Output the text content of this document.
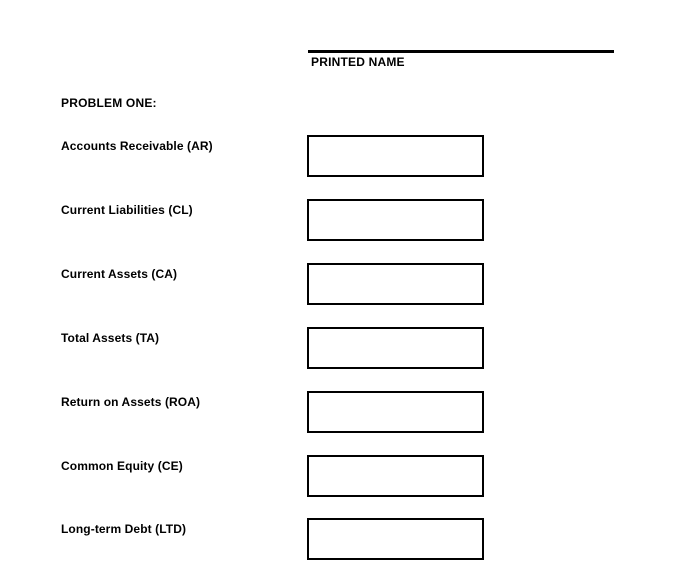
PRINTED NAME
PROBLEM ONE:
Accounts Receivable (AR)
Current Liabilities (CL)
Current Assets (CA)
Total Assets (TA)
Return on Assets (ROA)
Common Equity (CE)
Long-term Debt (LTD)
